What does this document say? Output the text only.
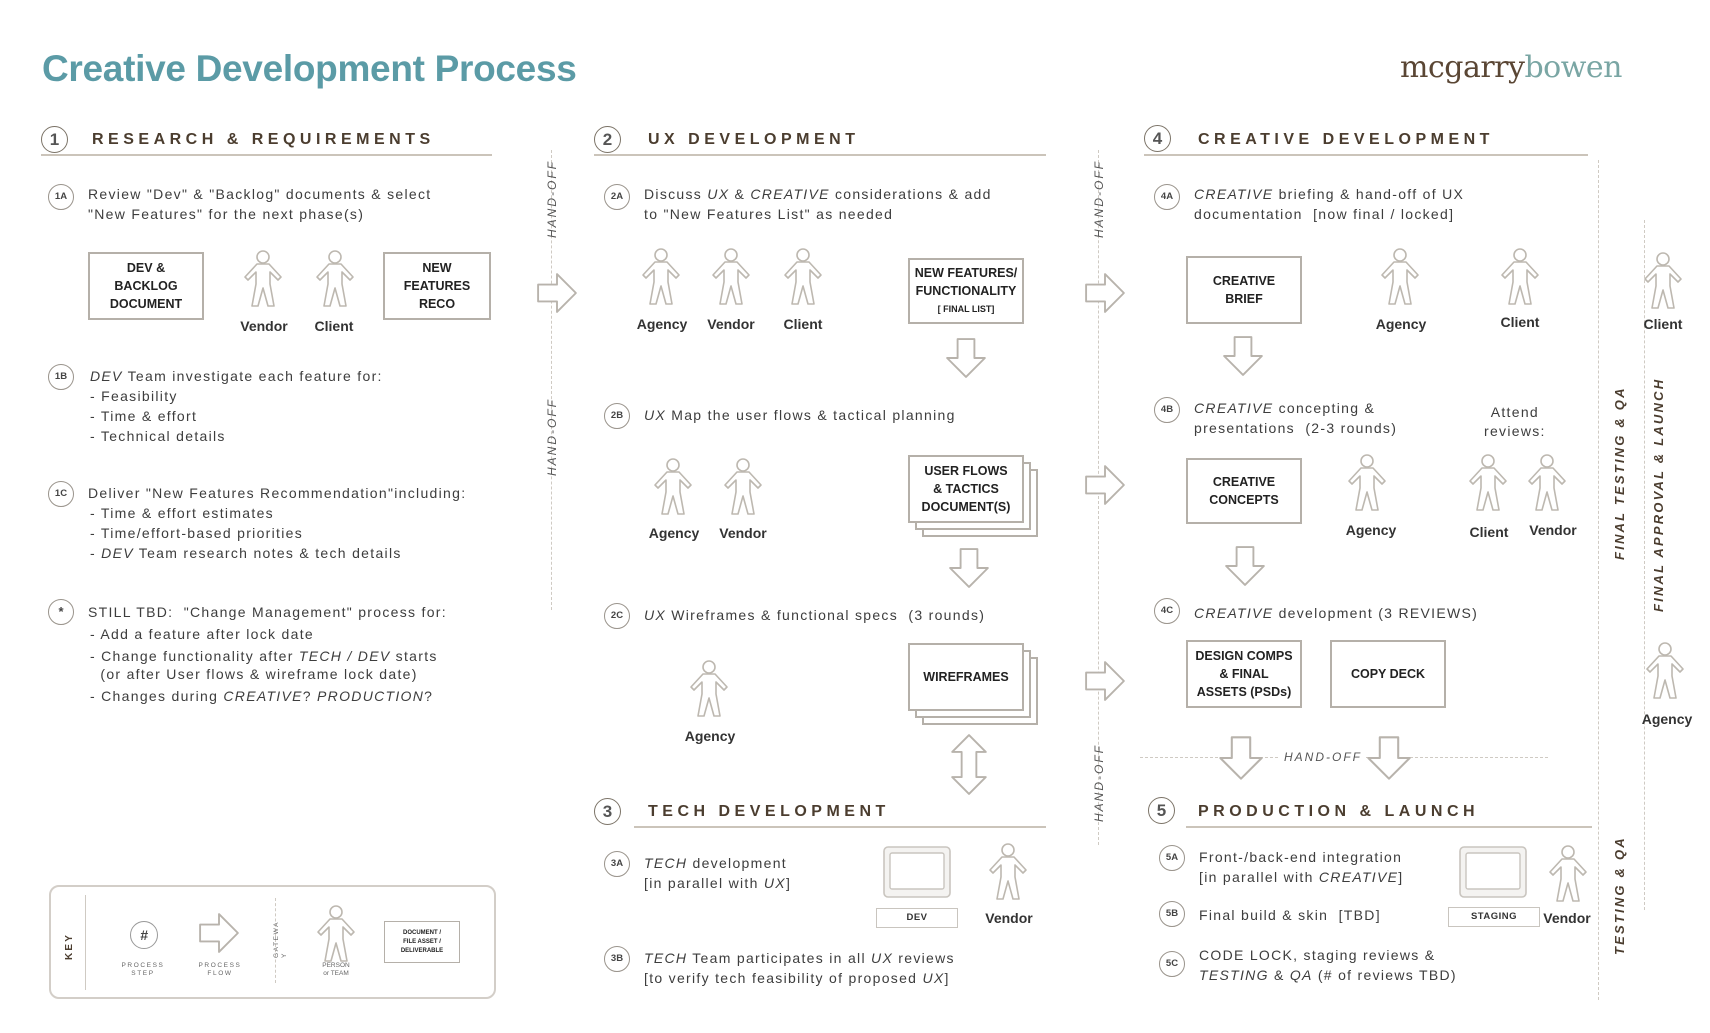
Creative Development Process	mcgarrybowen
1	RESEARCH & REQUIREMENTS
1A	Review "Dev" & "Backlog" documents & select
"New Features" for the next phase(s)
DEV &
BACKLOG
DOCUMENT
Vendor	Client
NEW
FEATURES
RECO
1B	DEV Team investigate each feature for:
- Feasibility
- Time & effort
- Technical details
1C	Deliver "New Features Recommendation"including:
- Time & effort estimates
- Time/effort-based priorities
- DEV Team research notes & tech details
*	STILL TBD:  "Change Management" process for:
- Add a feature after lock date
- Change functionality after TECH / DEV starts
(or after User flows & wireframe lock date)
- Changes during CREATIVE? PRODUCTION?
HAND-OFF
HAND-OFF
2	UX DEVELOPMENT
2A	Discuss UX & CREATIVE considerations & add
to "New Features List" as needed
Agency	Vendor	Client
NEW FEATURES/
FUNCTIONALITY
[ FINAL LIST]
2B	UX Map the user flows & tactical planning
Agency	Vendor
USER FLOWS
& TACTICS
DOCUMENT(S)
2C	UX Wireframes & functional specs  (3 rounds)
Agency
WIREFRAMES
3	TECH DEVELOPMENT
3A	TECH development
[in parallel with UX]
DEV	Vendor
3B	TECH Team participates in all UX reviews
[to verify tech feasibility of proposed UX]
HAND-OFF
HAND-OFF
4	CREATIVE DEVELOPMENT
4A	CREATIVE briefing & hand-off of UX
documentation  [now final / locked]
CREATIVE
BRIEF
Agency	Client
4B	CREATIVE concepting &
presentations  (2-3 rounds)
Attend
reviews:
CREATIVE
CONCEPTS
Agency	Client	Vendor
4C	CREATIVE development (3 REVIEWS)
DESIGN COMPS
& FINAL
ASSETS (PSDs)
COPY DECK
HAND-OFF
5	PRODUCTION & LAUNCH
5A	Front-/back-end integration
[in parallel with CREATIVE]
5B	Final build & skin  [TBD]
5C
CODE LOCK, staging reviews &
TESTING & QA (# of reviews TBD)
STAGING	Vendor
FINAL TESTING & QA FINAL APPROVAL & LAUNCH
TESTING & QA
Client
Agency
KEY	#
PROCESS
STEP
PROCESS
FLOW
GATEWA
Y
PERSON
or TEAM
DOCUMENT /
FILE ASSET /
DELIVERABLE
